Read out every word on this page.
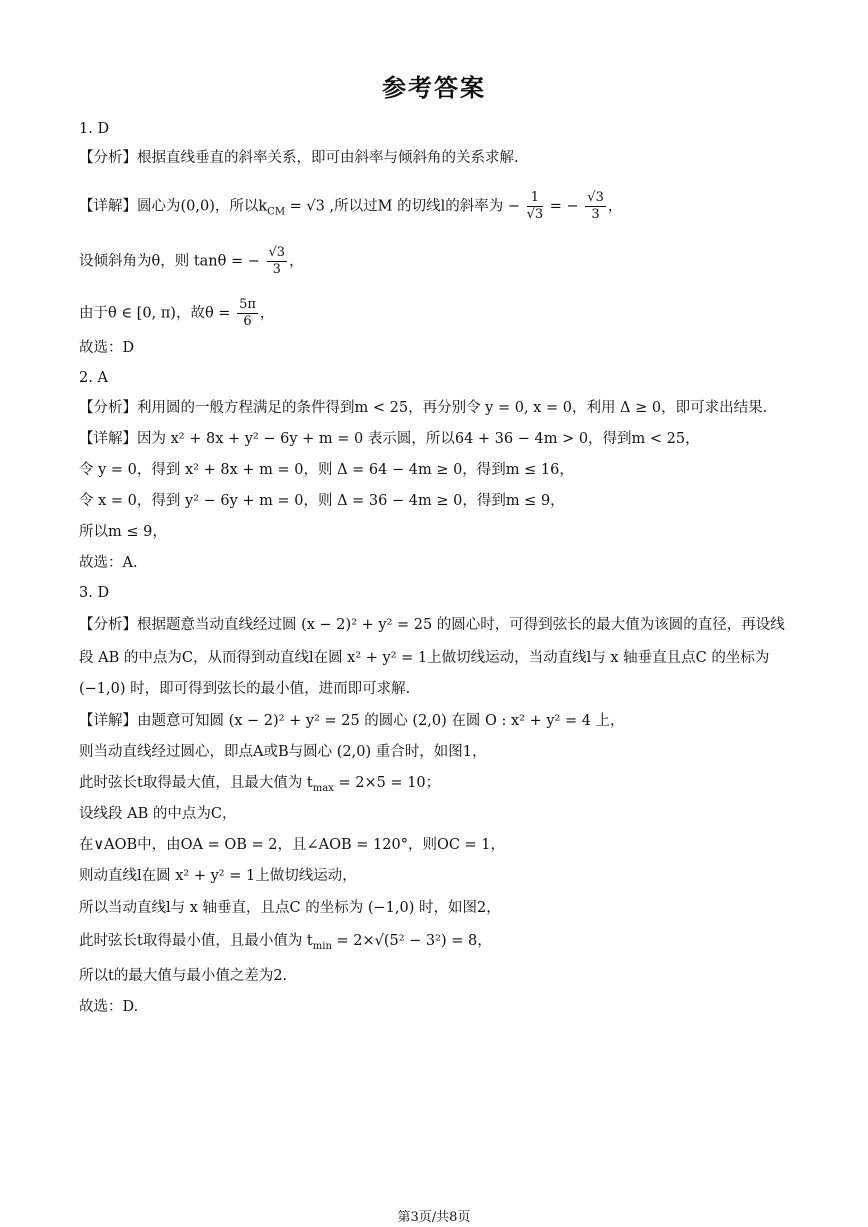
参考答案
1. D
【分析】根据直线垂直的斜率关系，即可由斜率与倾斜角的关系求解.
【详解】圆心为(0,0)，所以$k_{CM} = √3$ ,所以过M 的切线l的斜率为 − $\frac{1}{√3}$ = − $\frac{√3}{3}$ ，
设倾斜角为θ，则 tanθ = − $\frac{√3}{3}$ ，
由于θ ∈ [0, π)，故$\theta = \frac{5\pi}{6}$ ，
故选：D
2. A
【分析】利用圆的一般方程满足的条件得到m < 25，再分别令 y = 0, x = 0，利用 Δ ≥ 0，即可求出结果.
【详解】因为 x² + 8x + y² − 6y + m = 0 表示圆，所以64 + 36 − 4m > 0，得到m < 25，
令 y = 0，得到 x² + 8x + m = 0，则 Δ = 64 − 4m ≥ 0，得到m ≤ 16，
令 x = 0，得到 y² − 6y + m = 0，则 Δ = 36 − 4m ≥ 0，得到m ≤ 9，
所以m ≤ 9，
故选：A.
3. D
【分析】根据题意当动直线经过圆 (x − 2)² + y² = 25 的圆心时，可得到弦长的最大值为该圆的直径，再设线
段 AB 的中点为C，从而得到动直线l在圆 x² + y² = 1上做切线运动，当动直线l与 x 轴垂直且点C 的坐标为
(−1,0) 时，即可得到弦长的最小值，进而即可求解.
【详解】由题意可知圆 (x − 2)² + y² = 25 的圆心 (2,0) 在圆 O : x² + y² = 4 上，
则当动直线经过圆心，即点A或B与圆心 (2,0) 重合时，如图1，
此时弦长t取得最大值，且最大值为 $t_{max} = 2\times 5 = 10$；
设线段 AB 的中点为C，
在∨AOB中，由OA = OB = 2，且∠AOB = 120°，则OC = 1，
则动直线l在圆 x² + y² = 1上做切线运动，
所以当动直线l与 x 轴垂直，且点C 的坐标为 (−1,0) 时，如图2，
此时弦长t取得最小值，且最小值为 $t_{min} = 2\times√(5^2 - 3^2) = 8$，
所以t的最大值与最小值之差为2.
故选：D.
第3页/共8页
